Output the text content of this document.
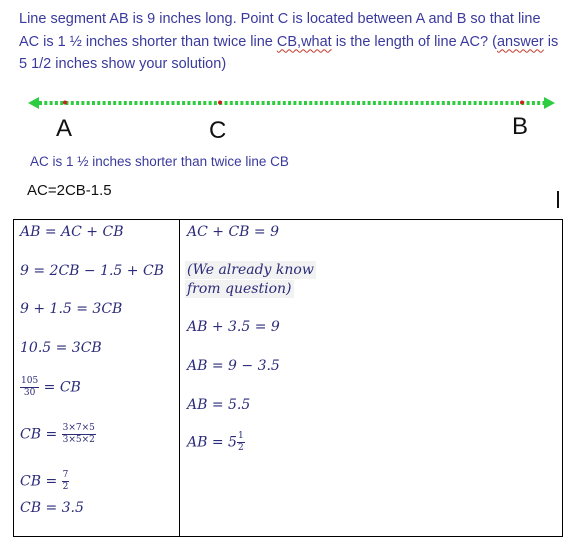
Line segment AB is 9 inches long. Point C is located between A and B so that line AC is 1 ½ inches shorter than twice line CB,what is the length of line AC? (answer is 5 1/2 inches show your solution)

A	C	B
AC is 1 ½ inches shorter than twice line CB
AC=2CB-1.5
AB = AC + CB
9 = 2CB − 1.5 + CB
9 + 1.5 = 3CB
10.5 = 3CB
$\frac{105}{30}$ = CB
CB = $\frac{3\times 7\times 5}{3\times 5\times 2}$
CB = $\frac{7}{2}$
CB = 3.5
AC + CB = 9
(We already know
from question)
AB + 3.5 = 9
AB = 9 − 3.5
AB = 5.5
AB = $5 \frac{1}{2}$
